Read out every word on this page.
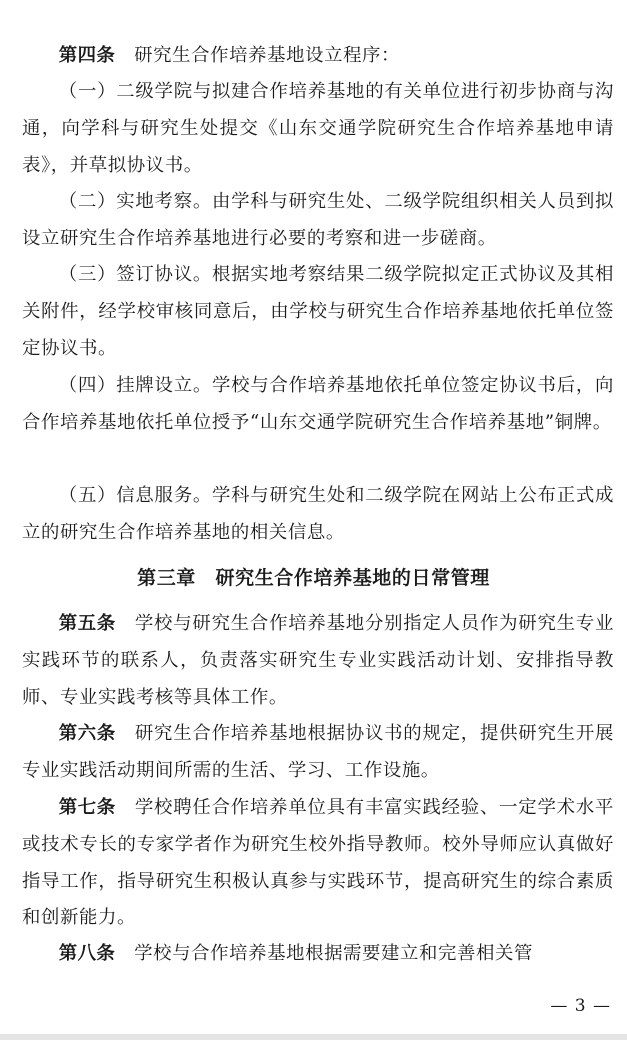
第四条　 研究生合作培养基地设立程序：

（一）二级学院与拟建合作培养基地的有关单位进行初步协商与沟通，向学科与研究生处提交《山东交通学院研究生合作培养基地申请表》，并草拟协议书。

（二）实地考察。由学科与研究生处、二级学院组织相关人员到拟设立研究生合作培养基地进行必要的考察和进一步磋商。

（三）签订协议。根据实地考察结果二级学院拟定正式协议及其相关附件，经学校审核同意后，由学校与研究生合作培养基地依托单位签定协议书。

（四）挂牌设立。学校与合作培养基地依托单位签定协议书后，向合作培养基地依托单位授予“山东交通学院研究生合作培养基地”铜牌。

（五）信息服务。学科与研究生处和二级学院在网站上公布正式成立的研究生合作培养基地的相关信息。

第三章　研究生合作培养基地的日常管理

第五条　 学校与研究生合作培养基地分别指定人员作为研究生专业实践环节的联系人，负责落实研究生专业实践活动计划、安排指导教师、专业实践考核等具体工作。

第六条　 研究生合作培养基地根据协议书的规定，提供研究生开展专业实践活动期间所需的生活、学习、工作设施。

第七条　 学校聘任合作培养单位具有丰富实践经验、一定学术水平或技术专长的专家学者作为研究生校外指导教师。校外导师应认真做好指导工作，指导研究生积极认真参与实践环节，提高研究生的综合素质和创新能力。

第八条　 学校与合作培养基地根据需要建立和完善相关管

— 3 —
